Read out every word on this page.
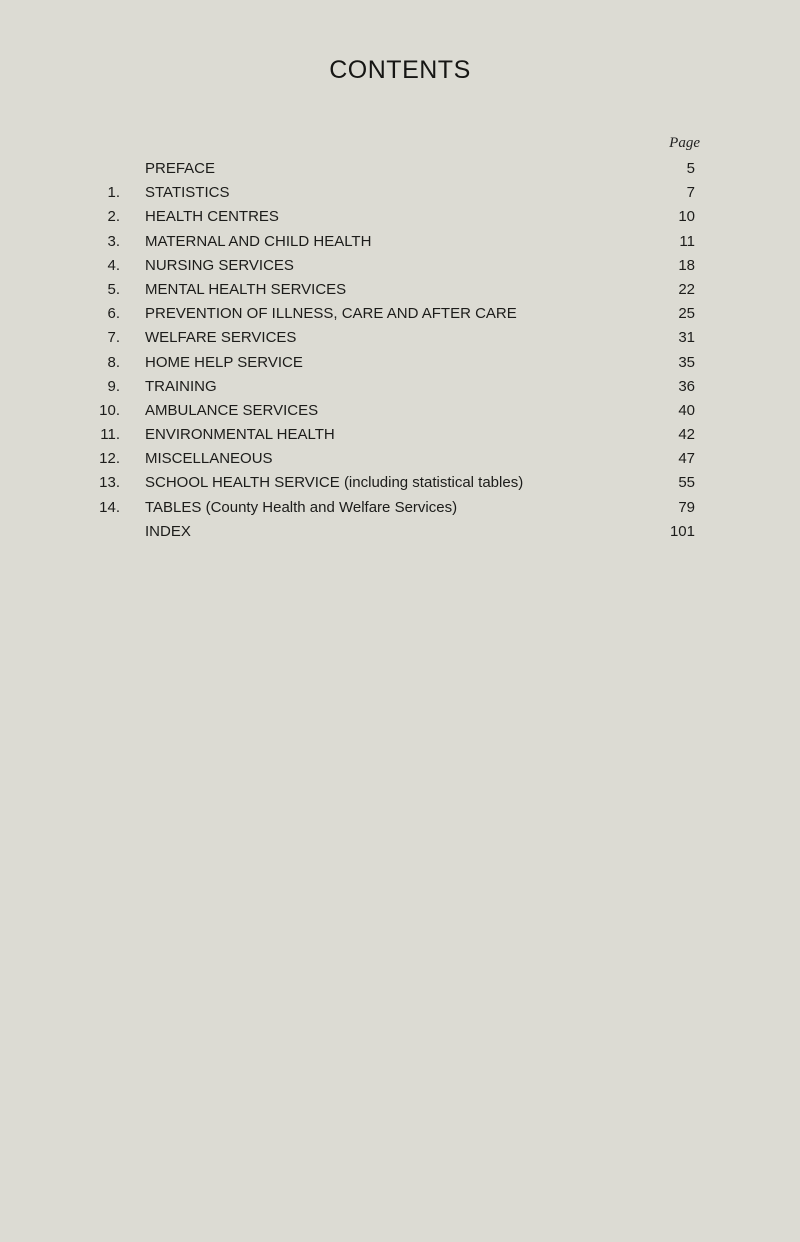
CONTENTS
Page
PREFACE	5
1. STATISTICS	7
2. HEALTH CENTRES	10
3. MATERNAL AND CHILD HEALTH	11
4. NURSING SERVICES	18
5. MENTAL HEALTH SERVICES	22
6. PREVENTION OF ILLNESS, CARE AND AFTER CARE	25
7. WELFARE SERVICES	31
8. HOME HELP SERVICE	35
9. TRAINING	36
10. AMBULANCE SERVICES	40
11. ENVIRONMENTAL HEALTH	42
12. MISCELLANEOUS	47
13. SCHOOL HEALTH SERVICE (including statistical tables)	55
14. TABLES (County Health and Welfare Services)	79
INDEX	101
